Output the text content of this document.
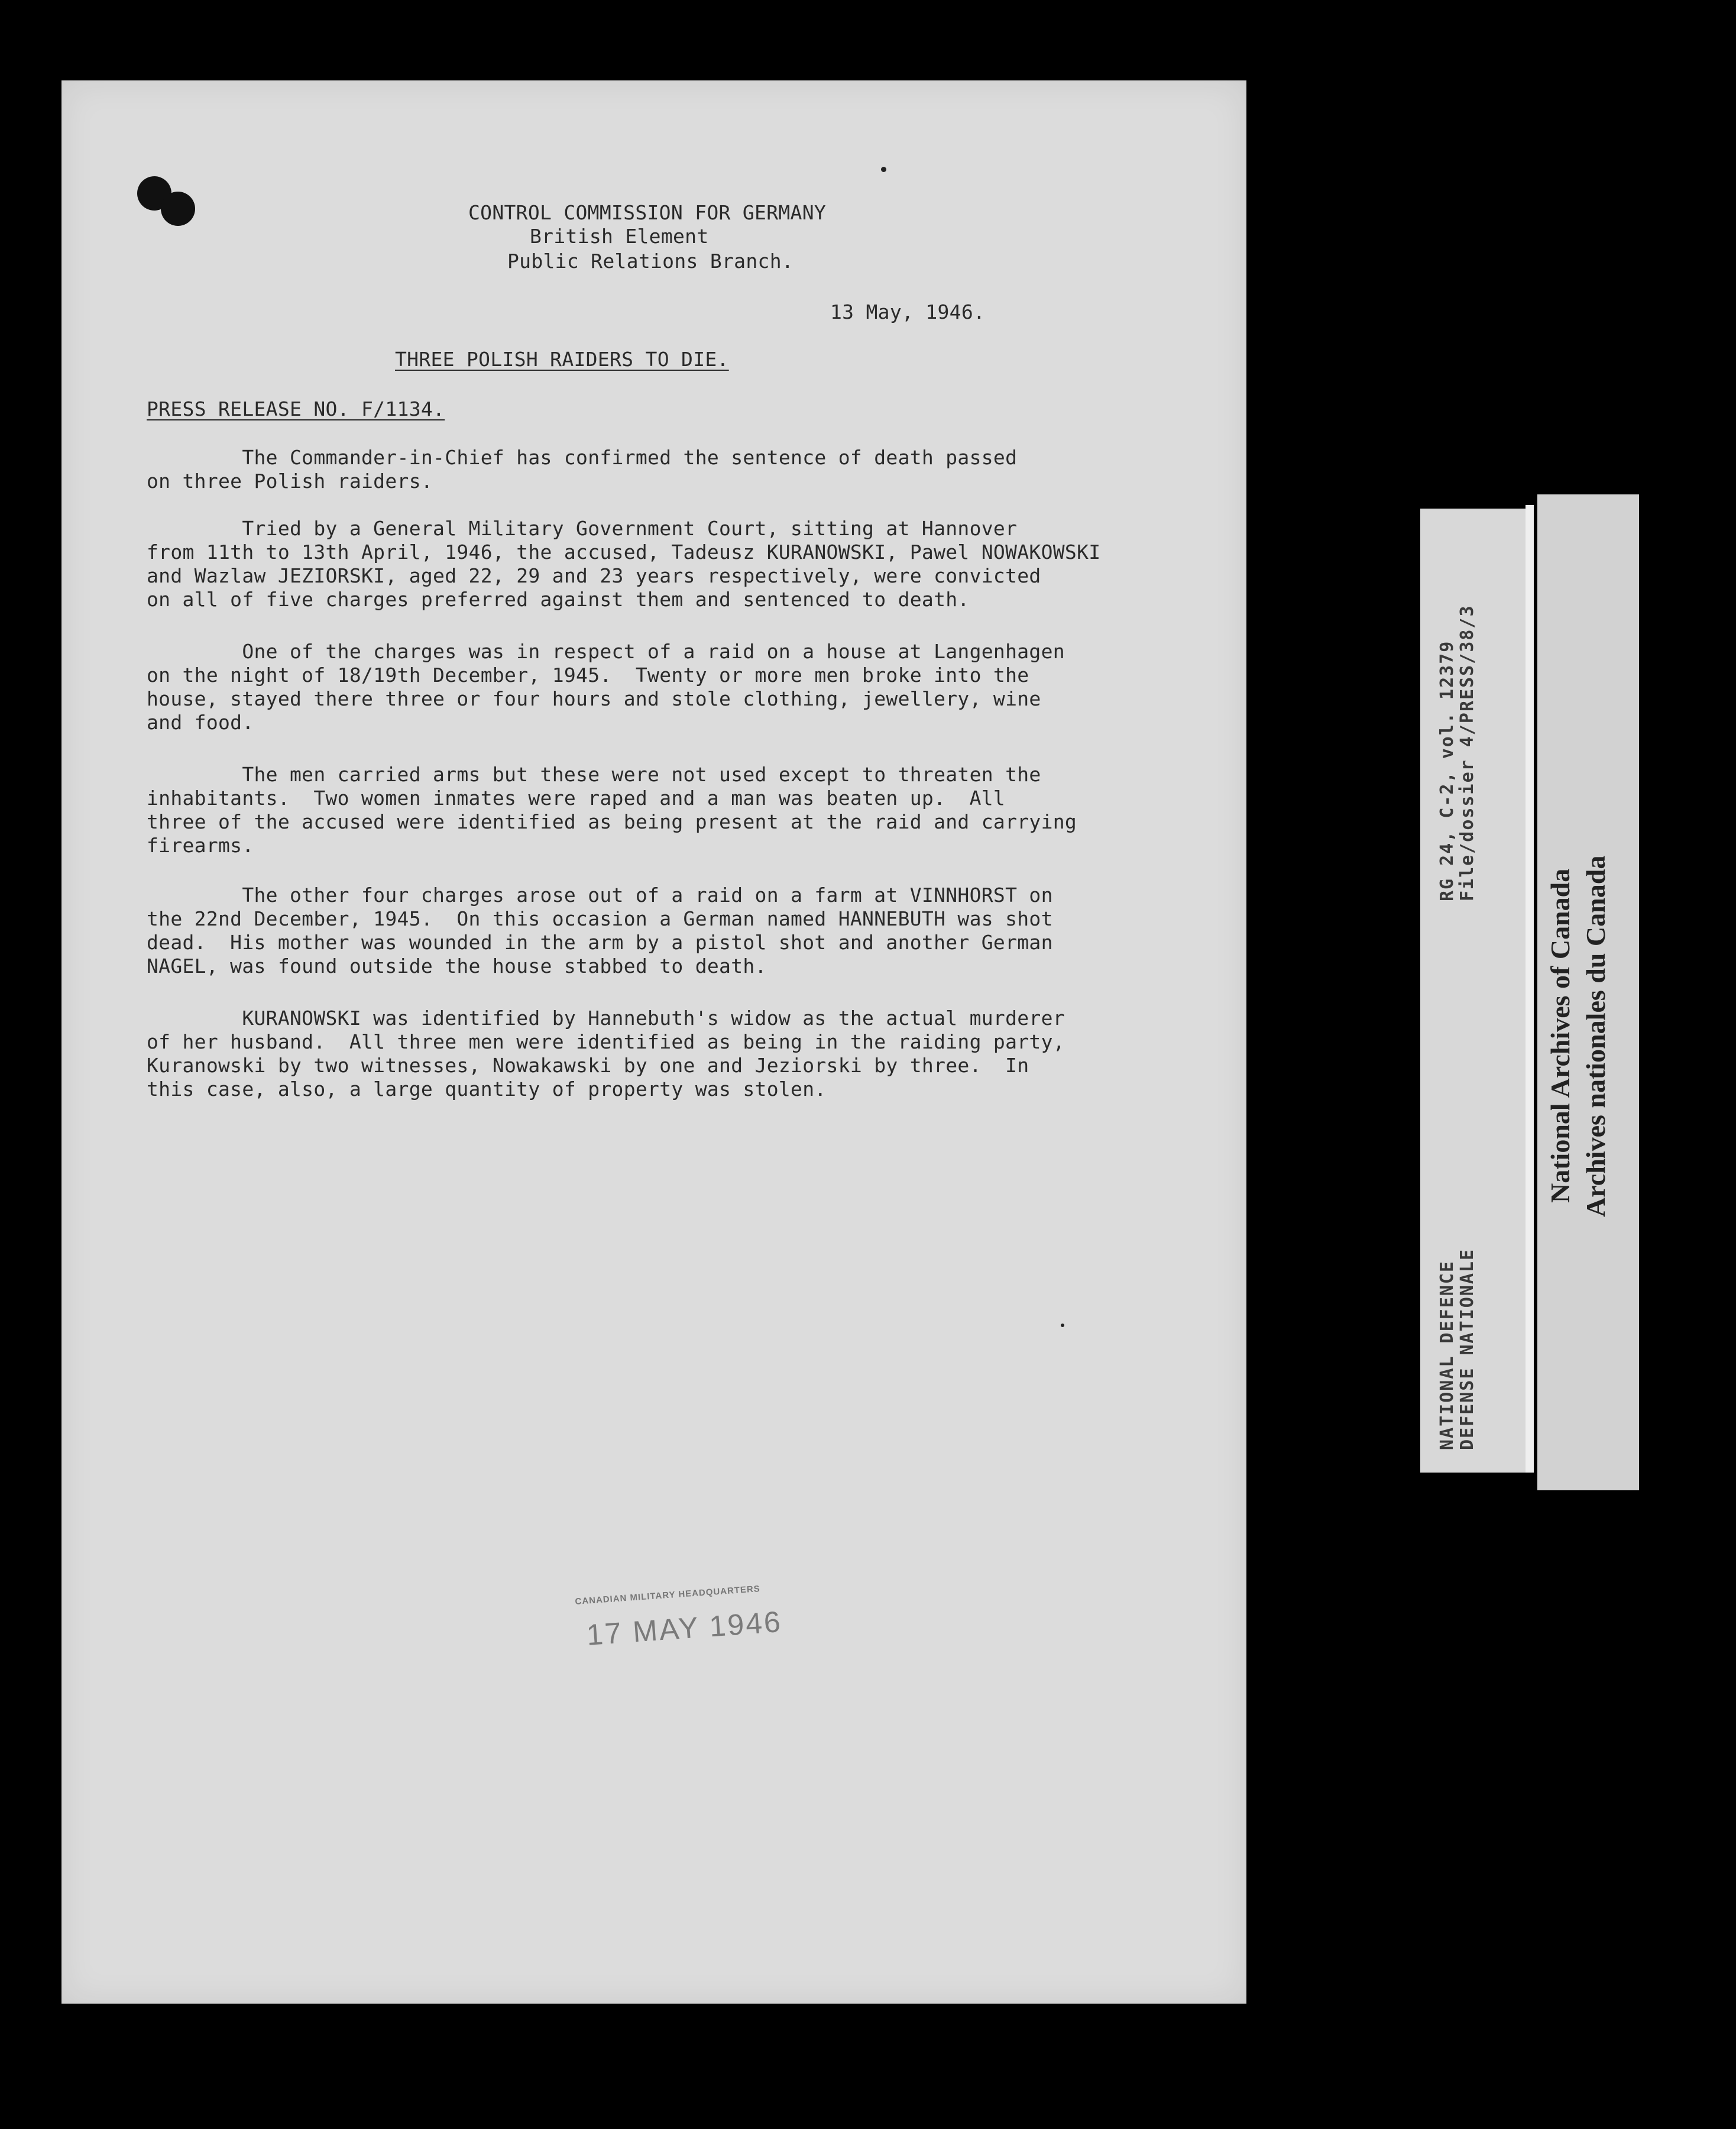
CONTROL COMMISSION FOR GERMANY
British Element
Public Relations Branch.
13 May, 1946.
THREE POLISH RAIDERS TO DIE.
PRESS RELEASE NO. F/1134.
The Commander-in-Chief has confirmed the sentence of death passed
on three Polish raiders.
Tried by a General Military Government Court, sitting at Hannover
from 11th to 13th April, 1946, the accused, Tadeusz KURANOWSKI, Pawel NOWAKOWSKI
and Wazlaw JEZIORSKI, aged 22, 29 and 23 years respectively, were convicted
on all of five charges preferred against them and sentenced to death.
One of the charges was in respect of a raid on a house at Langenhagen
on the night of 18/19th December, 1945.  Twenty or more men broke into the
house, stayed there three or four hours and stole clothing, jewellery, wine
and food.
The men carried arms but these were not used except to threaten the
inhabitants.  Two women inmates were raped and a man was beaten up.  All
three of the accused were identified as being present at the raid and carrying
firearms.
The other four charges arose out of a raid on a farm at VINNHORST on
the 22nd December, 1945.  On this occasion a German named HANNEBUTH was shot
dead.  His mother was wounded in the arm by a pistol shot and another German
NAGEL, was found outside the house stabbed to death.
KURANOWSKI was identified by Hannebuth's widow as the actual murderer
of her husband.  All three men were identified as being in the raiding party,
Kuranowski by two witnesses, Nowakawski by one and Jeziorski by three.  In
this case, also, a large quantity of property was stolen.
CANADIAN MILITARY HEADQUARTERS
17 MAY 1946
NATIONAL DEFENCE DEFENSE NATIONALE
RG 24, C-2, vol. 12379 File/dossier 4/PRESS/38/3
National Archives of Canada Archives nationales du Canada
